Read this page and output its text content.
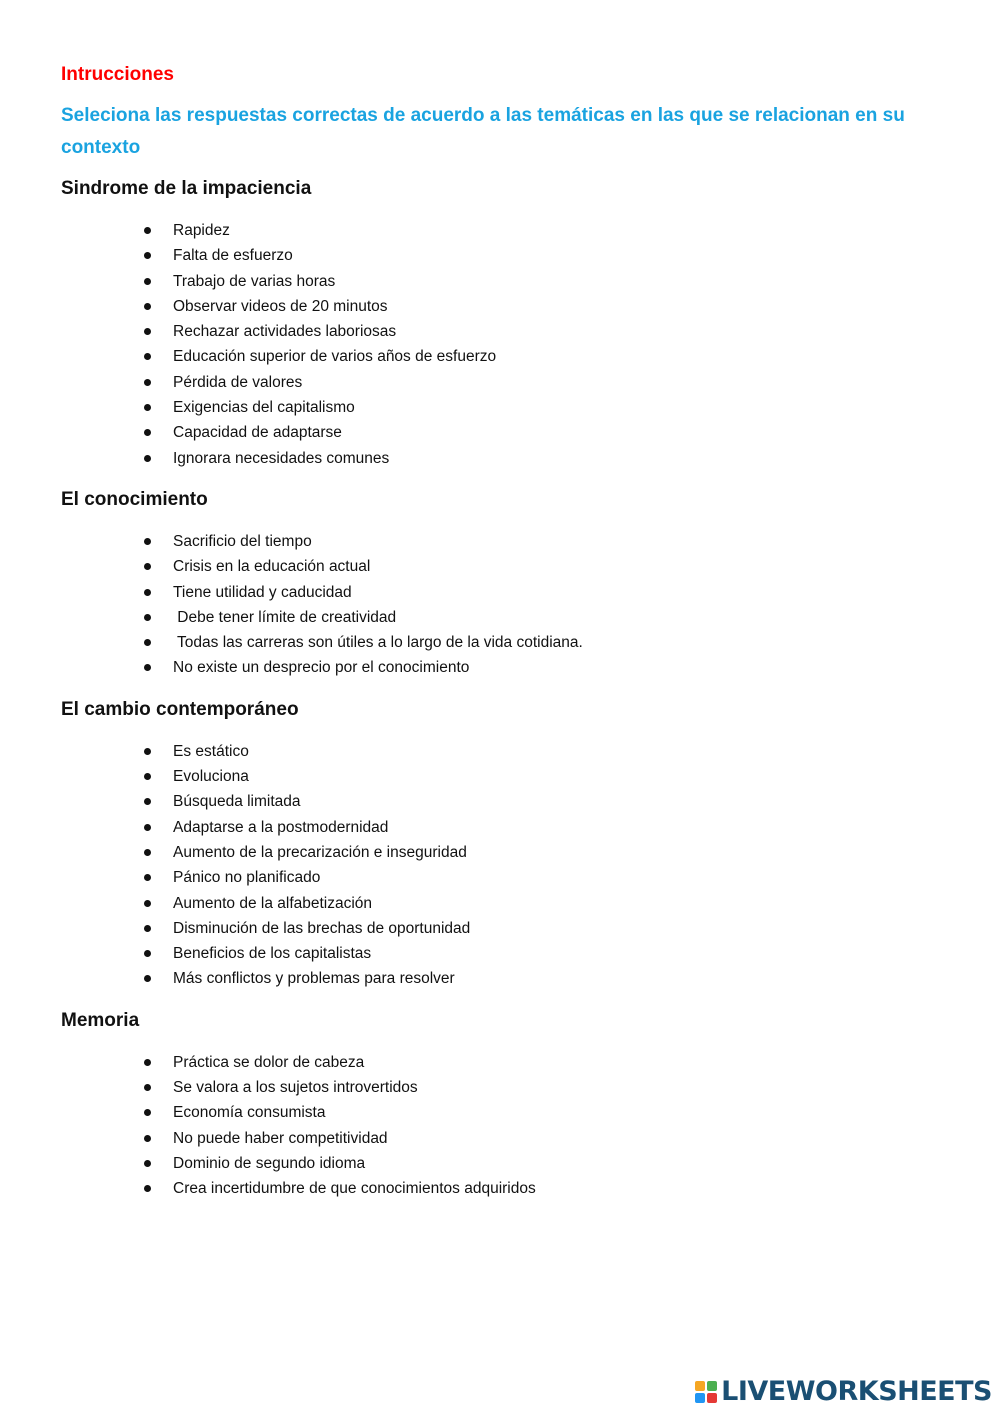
Intrucciones

Seleciona las respuestas correctas de acuerdo a las temáticas en las que se relacionan en su contexto

Sindrome de la impaciencia

Rapidez
Falta de esfuerzo
Trabajo de varias horas
Observar videos de 20 minutos
Rechazar actividades laboriosas
Educación superior de varios años de esfuerzo
Pérdida de valores
Exigencias del capitalismo
Capacidad de adaptarse
Ignorara necesidades comunes

El conocimiento

Sacrificio del tiempo
Crisis en la educación actual
Tiene utilidad y caducidad
Debe tener límite de creatividad
Todas las carreras son útiles a lo largo de la vida cotidiana.
No existe un desprecio por el conocimiento

El cambio contemporáneo

Es estático
Evoluciona
Búsqueda limitada
Adaptarse a la postmodernidad
Aumento de la precarización e inseguridad
Pánico no planificado
Aumento de la alfabetización
Disminución de las brechas de oportunidad
Beneficios de los capitalistas
Más conflictos y problemas para resolver

Memoria

Práctica se dolor de cabeza
Se valora a los sujetos introvertidos
Economía consumista
No puede haber competitividad
Dominio de segundo idioma
Crea incertidumbre de que conocimientos adquiridos
LIVEWORKSHEETS
